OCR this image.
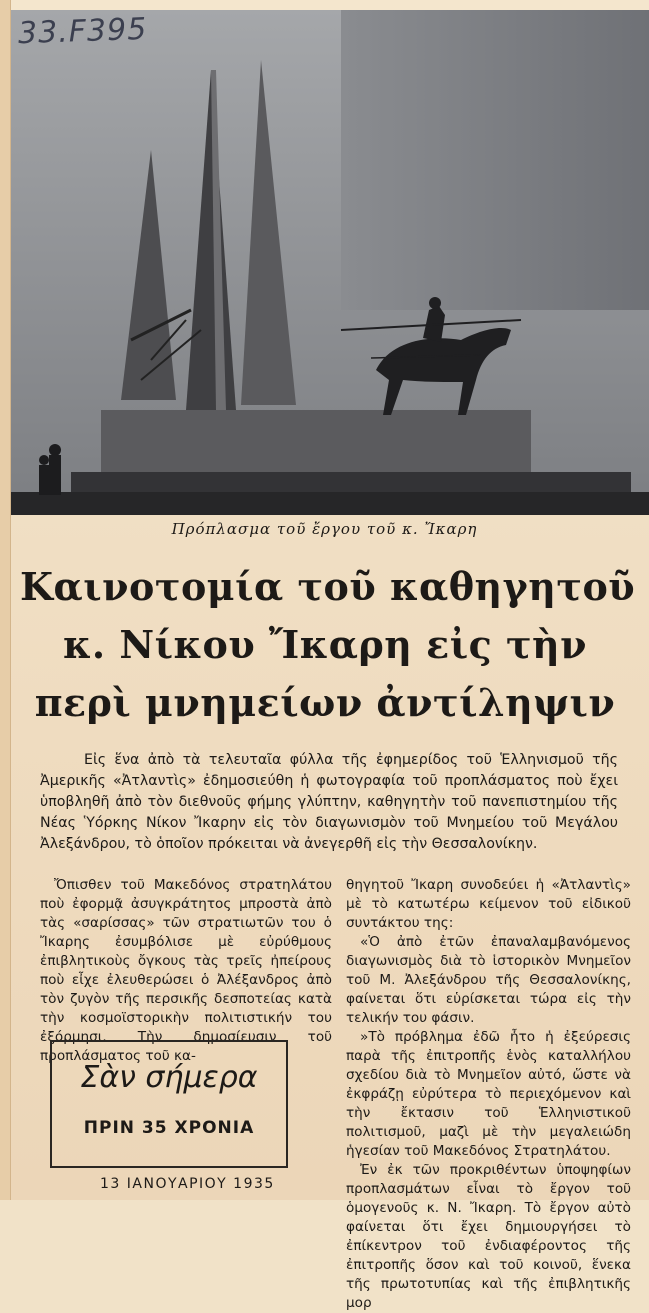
33.F395
Πρόπλασμα τοῦ ἔργου τοῦ κ. Ἴκαρη
Καινοτομία τοῦ καθηγητοῦ
κ. Νίκου Ἴκαρη εἰς τὴν
περὶ μνημείων ἀντίληψιν
Εἰς ἕνα ἀπὸ τὰ τελευταῖα φύλλα τῆς ἐφημερίδος τοῦ Ἑλληνισμοῦ τῆς Ἀμερικῆς «Ἀτλαντὶς» ἐδημοσιεύθη ἡ φωτογραφία τοῦ προπλάσματος ποὺ ἔχει ὑποβληθῆ ἀπὸ τὸν διεθνοῦς φήμης γλύπτην, καθηγητὴν τοῦ πανεπιστημίου τῆς Νέας Ὑόρκης Νίκον Ἴκαρην εἰς τὸν διαγωνισμὸν τοῦ Μνημείου τοῦ Μεγάλου Ἀλεξάνδρου, τὸ ὁποῖον πρόκειται νὰ ἀνεγερθῆ εἰς τὴν Θεσσαλονίκην.

Ὄπισθεν τοῦ Μακεδόνος στρατηλάτου ποὺ ἐφορμᾷ ἀσυγκράτητος μπροστὰ ἀπὸ τὰς «σαρίσσας» τῶν στρατιωτῶν του ὁ Ἴκαρης ἐσυμβόλισε μὲ εὐρύθμους ἐπιβλητικοὺς ὄγκους τὰς τρεῖς ἠπείρους ποὺ εἶχε ἐλευθερώσει ὁ Ἀλέξανδρος ἀπὸ τὸν ζυγὸν τῆς περσικῆς δεσποτείας κατὰ τὴν κοσμοϊστορικὴν πολιτιστικήν του ἐξόρμησι. Τὴν δημοσίευσιν τοῦ προπλάσματος τοῦ κα-

θηγητοῦ Ἴκαρη συνοδεύει ἡ «Ἀτλαντὶς» μὲ τὸ κατωτέρω κείμενον τοῦ εἰδικοῦ συντάκτου της:

«Ὁ ἀπὸ ἐτῶν ἐπαναλαμβανόμενος διαγωνισμὸς διὰ τὸ ἱστορικὸν Μνημεῖον τοῦ Μ. Ἀλεξάνδρου τῆς Θεσσαλονίκης, φαίνεται ὅτι εὑρίσκεται τώρα εἰς τὴν τελικήν του φάσιν.

»Τὸ πρόβλημα ἐδῶ ἦτο ἡ ἐξεύρεσις παρὰ τῆς ἐπιτροπῆς ἑνὸς καταλλήλου σχεδίου διὰ τὸ Μνημεῖον αὐτό, ὥστε νὰ ἐκφράζῃ εὐρύτερα τὸ περιεχόμενον καὶ τὴν ἔκτασιν τοῦ Ἑλληνιστικοῦ πολιτισμοῦ, μαζὶ μὲ τὴν μεγαλειώδη ἡγεσίαν τοῦ Μακεδόνος Στρατηλάτου.

Ἐν ἐκ τῶν προκριθέντων ὑποψηφίων προπλασμάτων εἶναι τὸ ἔργον τοῦ ὁμογενοῦς κ. Ν. Ἴκαρη. Τὸ ἔργον αὐτὸ φαίνεται ὅτι ἔχει δημιουργήσει τὸ ἐπίκεντρον τοῦ ἐνδιαφέροντος τῆς ἐπιτροπῆς ὅσον καὶ τοῦ κοινοῦ, ἕνεκα τῆς πρωτοτυπίας καὶ τῆς ἐπιβλητικῆς μορ

Σὰν σήμερα
ΠΡΙΝ 35 ΧΡΟΝΙΑ
13 ΙΑΝΟΥΑΡΙΟΥ 1935
